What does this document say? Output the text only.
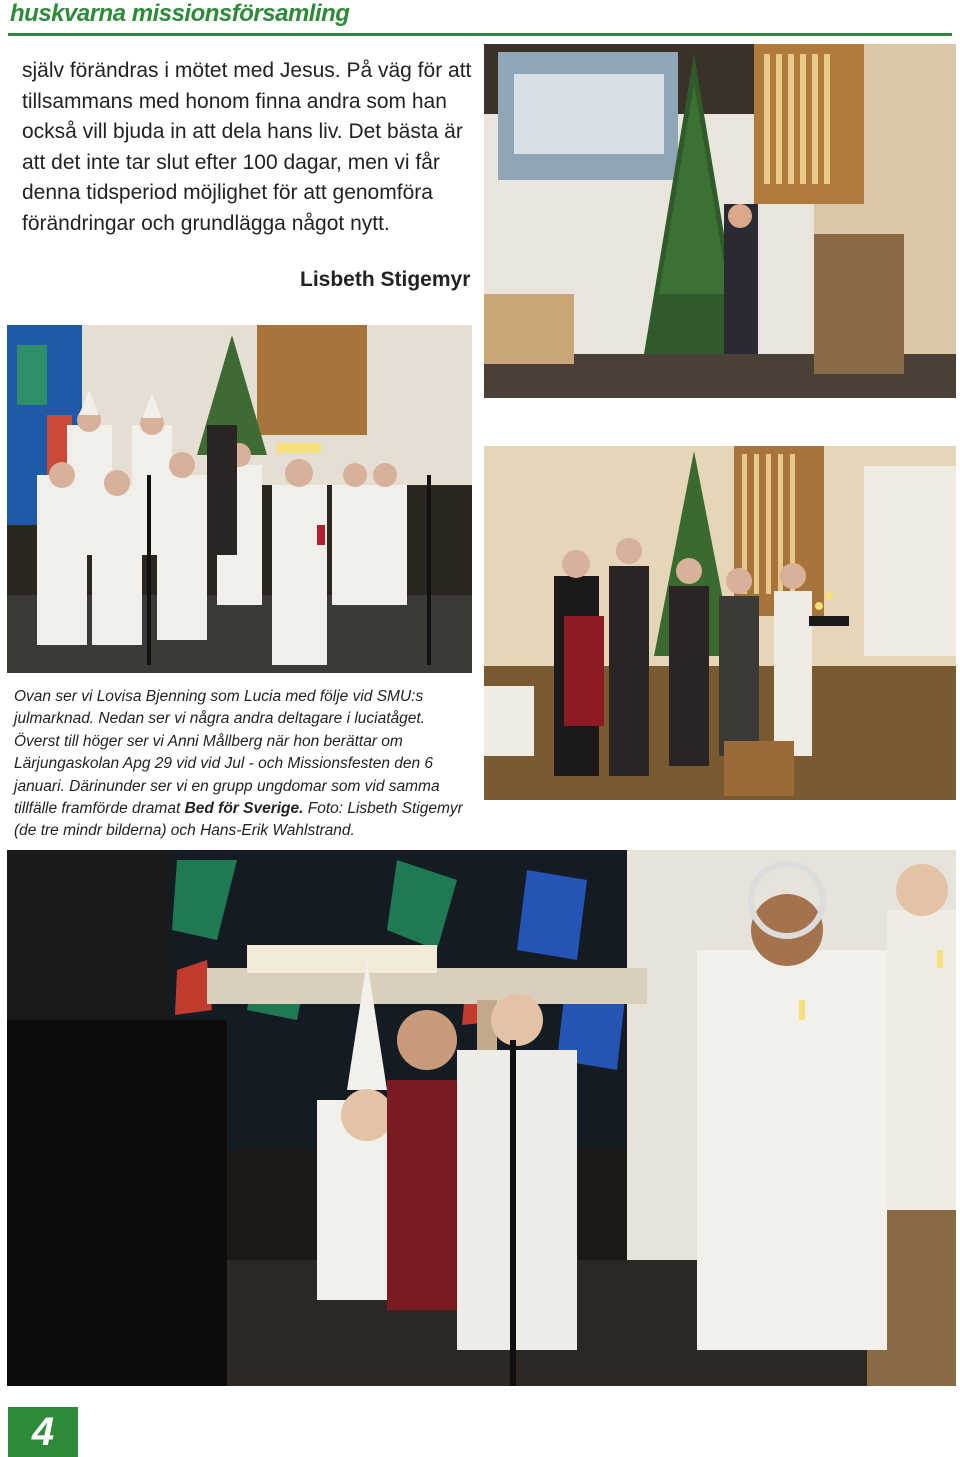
huskvarna missionsförsamling

själv förändras i mötet med Jesus. På väg för att tillsammans med honom finna andra som han också vill bjuda in att dela hans liv. Det bästa är att det inte tar slut efter 100 dagar, men vi får denna tidsperiod möjlighet för att genomföra förändringar och grundlägga något nytt.

Lisbeth Stigemyr
Ovan ser vi Lovisa Bjenning som Lucia med följe vid SMU:s julmarknad. Nedan ser vi några andra deltagare i luciatåget. Överst till höger ser vi Anni Mållberg när hon berättar om Lärjungaskolan Apg 29 vid vid Jul - och Missionsfesten den 6 januari. Därinunder ser vi en grupp ungdomar som vid samma tillfälle framförde dramat Bed för Sverige. Foto: Lisbeth Stigemyr (de tre mindr bilderna) och Hans-Erik Wahlstrand.
4
